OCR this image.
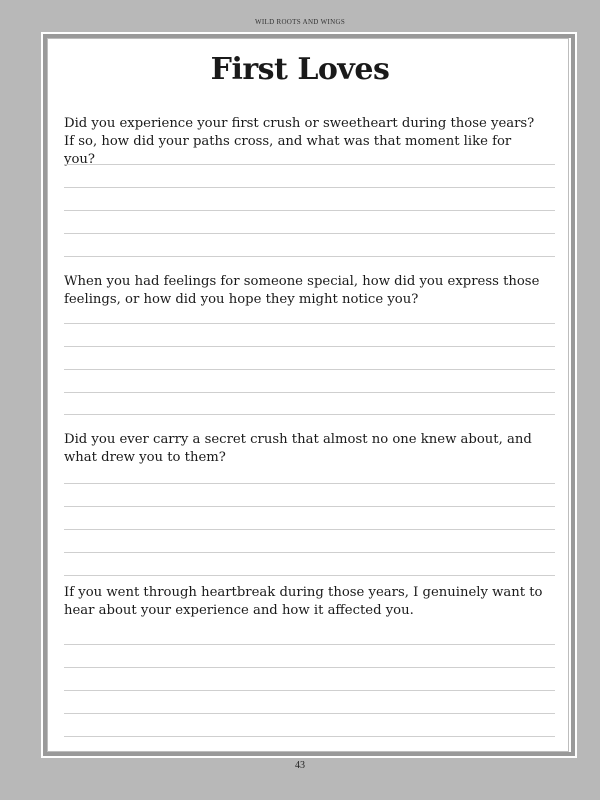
WILD ROOTS AND WINGS
First Loves
Did you experience your first crush or sweetheart during those years?
If so, how did your paths cross, and what was that moment like for you?
When you had feelings for someone special, how did you express those
feelings, or how did you hope they might notice you?
Did you ever carry a secret crush that almost no one knew about, and
what drew you to them?
If you went through heartbreak during those years, I genuinely want to
hear about your experience and how it affected you.
43
